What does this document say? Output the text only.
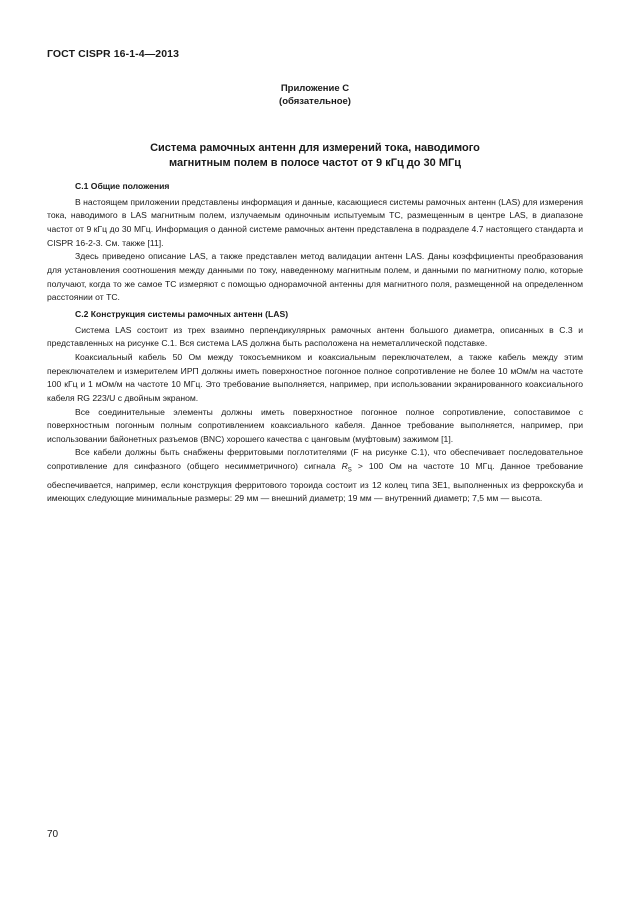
ГОСТ CISPR 16-1-4—2013
Приложение С
(обязательное)
Система рамочных антенн для измерений тока, наводимого
магнитным полем в полосе частот от 9 кГц до 30 МГц

С.1 Общие положения

В настоящем приложении представлены информация и данные, касающиеся системы рамочных антенн (LAS) для измерения тока, наводимого в LAS магнитным полем, излучаемым одиночным испытуемым ТС, размещенным в центре LAS, в диапазоне частот от 9 кГц до 30 МГц. Информация о данной системе рамочных антенн представлена в подразделе 4.7 настоящего стандарта и CISPR 16-2-3. См. также [11].

Здесь приведено описание LAS, а также представлен метод валидации антенн LAS. Даны коэффициенты преобразования для установления соотношения между данными по току, наведенному магнитным полем, и данными по магнитному полю, которые получают, когда то же самое ТС измеряют с помощью однорамочной антенны для магнитного поля, размещенной на определенном расстоянии от ТС.

С.2 Конструкция системы рамочных антенн (LAS)

Система LAS состоит из трех взаимно перпендикулярных рамочных антенн большого диаметра, описанных в С.3 и представленных на рисунке С.1. Вся система LAS должна быть расположена на неметаллической подставке.

Коаксиальный кабель 50 Ом между токосъемником и коаксиальным переключателем, а также кабель между этим переключателем и измерителем ИРП должны иметь поверхностное погонное полное сопротивление не более 10 мОм/м на частоте 100 кГц и 1 мОм/м на частоте 10 МГц. Это требование выполняется, например, при использовании экранированного коаксиального кабеля RG 223/U с двойным экраном.

Все соединительные элементы должны иметь поверхностное погонное полное сопротивление, сопоставимое с поверхностным погонным полным сопротивлением коаксиального кабеля. Данное требование выполняется, например, при использовании байонетных разъемов (BNC) хорошего качества с цанговым (муфтовым) зажимом [1].

Все кабели должны быть снабжены ферритовыми поглотителями (F на рисунке С.1), что обеспечивает последовательное сопротивление для синфазного (общего несимметричного) сигнала $R_S > 100$ Ом на частоте 10 МГц. Данное требование обеспечивается, например, если конструкция ферритового тороида состоит из 12 колец типа 3Е1, выполненных из феррокскуба и имеющих следующие минимальные размеры: 29 мм — внешний диаметр; 19 мм — внутренний диаметр; 7,5 мм — высота.

70
